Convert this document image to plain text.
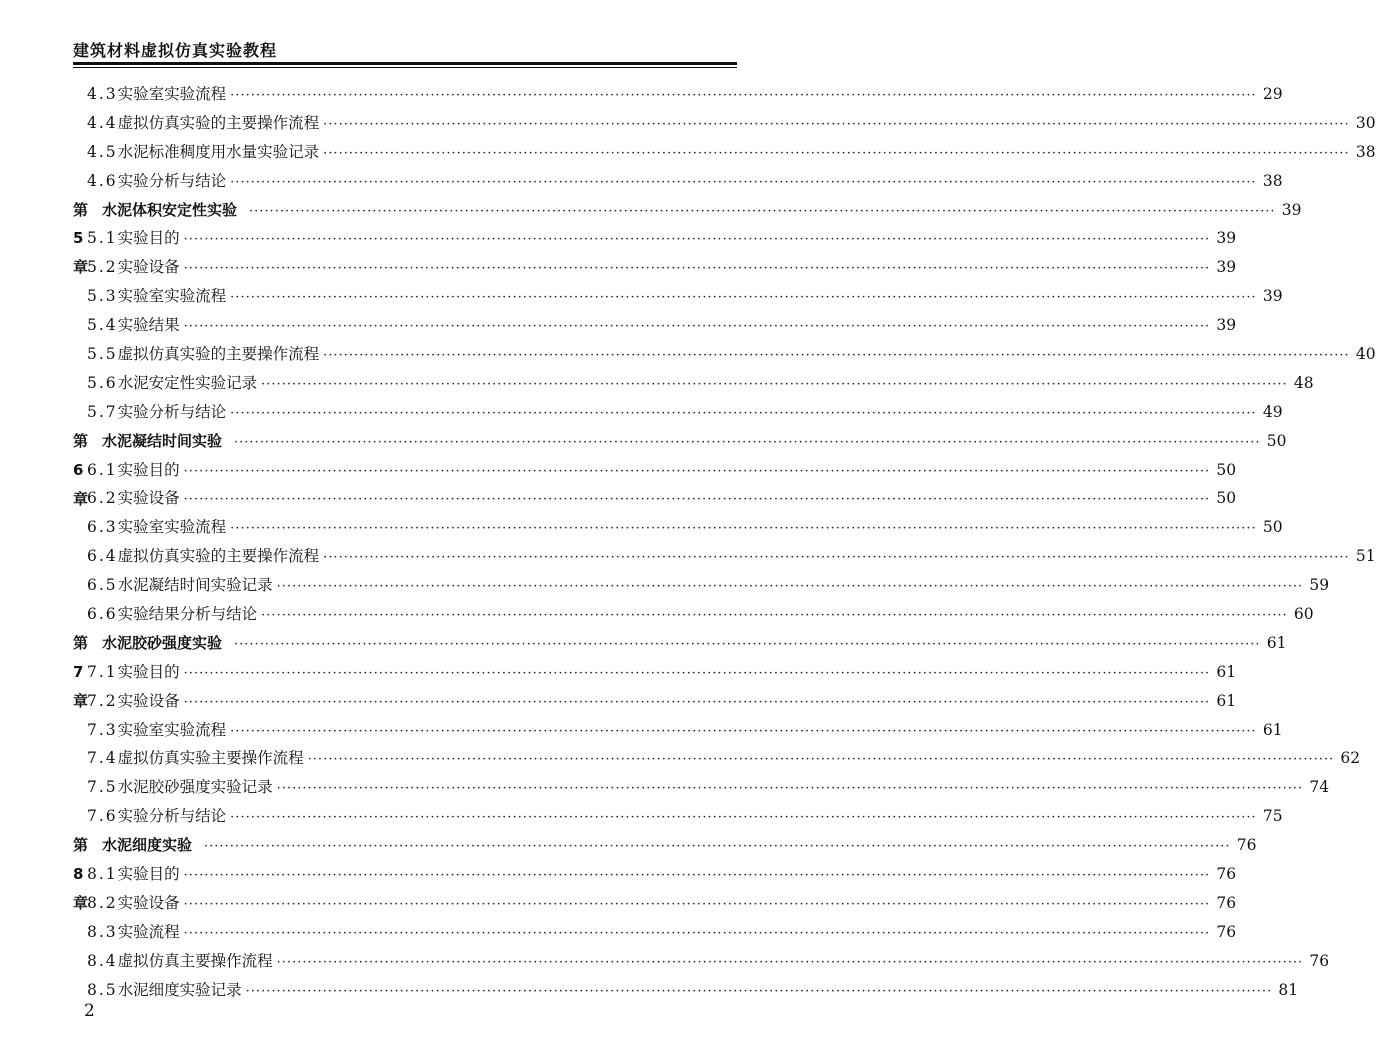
建筑材料虚拟仿真实验教程
4.3 实验室实验流程 ········································································································································································································ 29
4.4 虚拟仿真实验的主要操作流程 ········································································································································································································ 30
4.5 水泥标准稠度用水量实验记录 ········································································································································································································ 38
4.6 实验分析与结论 ········································································································································································································ 38
第 5 章
水泥体积安定性实验 ········································································································································································································ 39
5.1 实验目的 ········································································································································································································ 39
5.2 实验设备 ········································································································································································································ 39
5.3 实验室实验流程 ········································································································································································································ 39
5.4 实验结果 ········································································································································································································ 39
5.5 虚拟仿真实验的主要操作流程 ········································································································································································································ 40
5.6 水泥安定性实验记录 ········································································································································································································ 48
5.7 实验分析与结论 ········································································································································································································ 49
第 6 章
水泥凝结时间实验 ········································································································································································································ 50
6.1 实验目的 ········································································································································································································ 50
6.2 实验设备 ········································································································································································································ 50
6.3 实验室实验流程 ········································································································································································································ 50
6.4 虚拟仿真实验的主要操作流程 ········································································································································································································ 51
6.5 水泥凝结时间实验记录 ········································································································································································································ 59
6.6 实验结果分析与结论 ········································································································································································································ 60
第 7 章
水泥胶砂强度实验 ········································································································································································································ 61
7.1 实验目的 ········································································································································································································ 61
7.2 实验设备 ········································································································································································································ 61
7.3 实验室实验流程 ········································································································································································································ 61
7.4 虚拟仿真实验主要操作流程 ········································································································································································································ 62
7.5 水泥胶砂强度实验记录 ········································································································································································································ 74
7.6 实验分析与结论 ········································································································································································································ 75
第 8 章
水泥细度实验 ········································································································································································································ 76
8.1 实验目的 ········································································································································································································ 76
8.2 实验设备 ········································································································································································································ 76
8.3 实验流程 ········································································································································································································ 76
8.4 虚拟仿真主要操作流程 ········································································································································································································ 76
8.5 水泥细度实验记录 ········································································································································································································ 81
2
